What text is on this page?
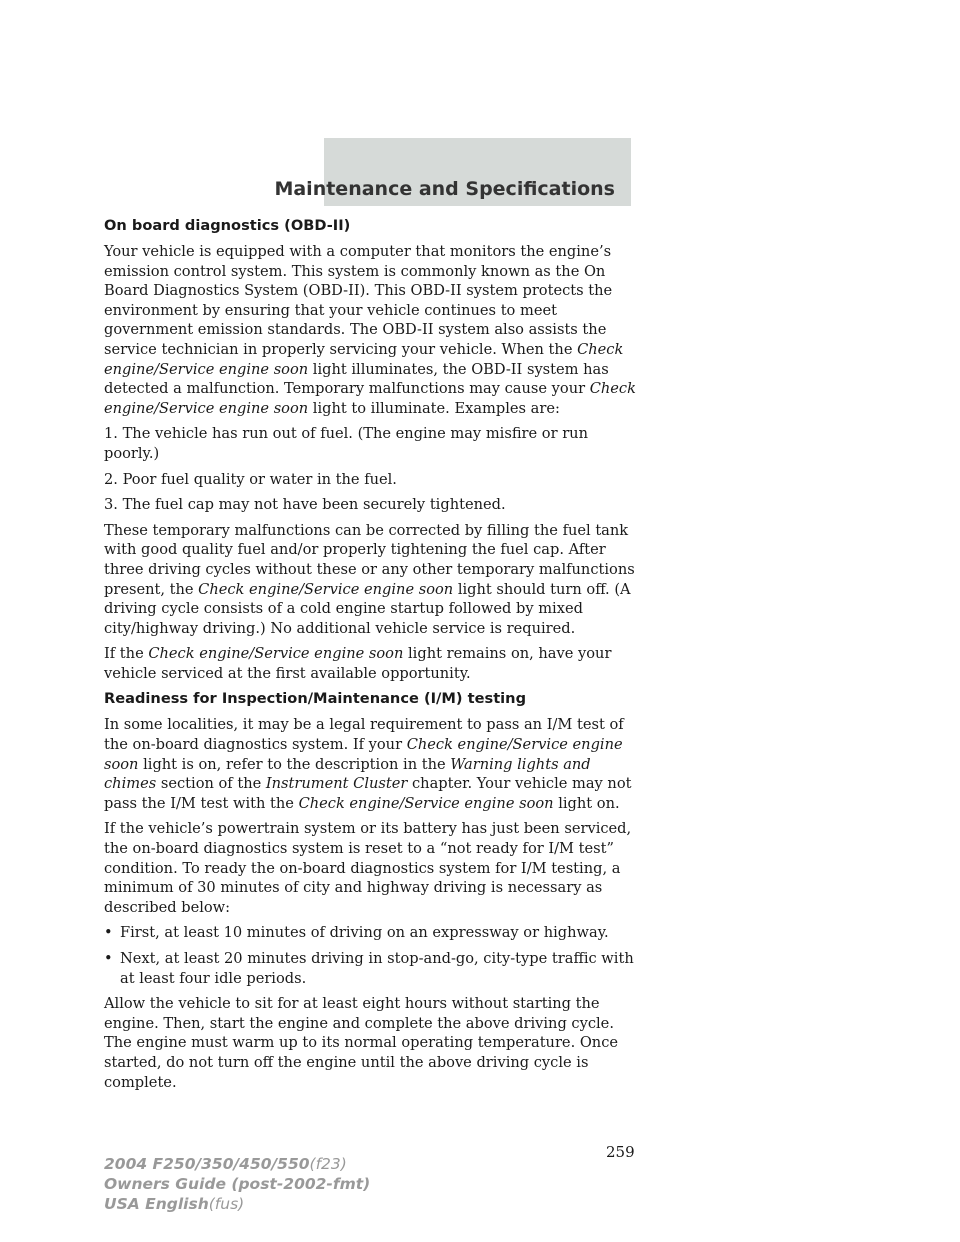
Maintenance and Specifications
On board diagnostics (OBD-II)

Your vehicle is equipped with a computer that monitors the engine’s emission control system. This system is commonly known as the On Board Diagnostics System (OBD-II). This OBD-II system protects the environment by ensuring that your vehicle continues to meet government emission standards. The OBD-II system also assists the service technician in properly servicing your vehicle. When the Check engine/Service engine soon light illuminates, the OBD-II system has detected a malfunction. Temporary malfunctions may cause your Check engine/Service engine soon light to illuminate. Examples are:

1. The vehicle has run out of fuel. (The engine may misfire or run poorly.)

2. Poor fuel quality or water in the fuel.

3. The fuel cap may not have been securely tightened.

These temporary malfunctions can be corrected by filling the fuel tank with good quality fuel and/or properly tightening the fuel cap. After three driving cycles without these or any other temporary malfunctions present, the Check engine/Service engine soon light should turn off. (A driving cycle consists of a cold engine startup followed by mixed city/highway driving.) No additional vehicle service is required.

If the Check engine/Service engine soon light remains on, have your vehicle serviced at the first available opportunity.

Readiness for Inspection/Maintenance (I/M) testing

In some localities, it may be a legal requirement to pass an I/M test of the on-board diagnostics system. If your Check engine/Service engine soon light is on, refer to the description in the Warning lights and chimes section of the Instrument Cluster chapter. Your vehicle may not pass the I/M test with the Check engine/Service engine soon light on.

If the vehicle’s powertrain system or its battery has just been serviced, the on-board diagnostics system is reset to a “not ready for I/M test” condition. To ready the on-board diagnostics system for I/M testing, a minimum of 30 minutes of city and highway driving is necessary as described below:

• First, at least 10 minutes of driving on an expressway or highway.
• Next, at least 20 minutes driving in stop-and-go, city-type traffic with at least four idle periods.

Allow the vehicle to sit for at least eight hours without starting the engine. Then, start the engine and complete the above driving cycle. The engine must warm up to its normal operating temperature. Once started, do not turn off the engine until the above driving cycle is complete.

259
2004 F250/350/450/550(f23)
Owners Guide (post-2002-fmt)
USA English(fus)
